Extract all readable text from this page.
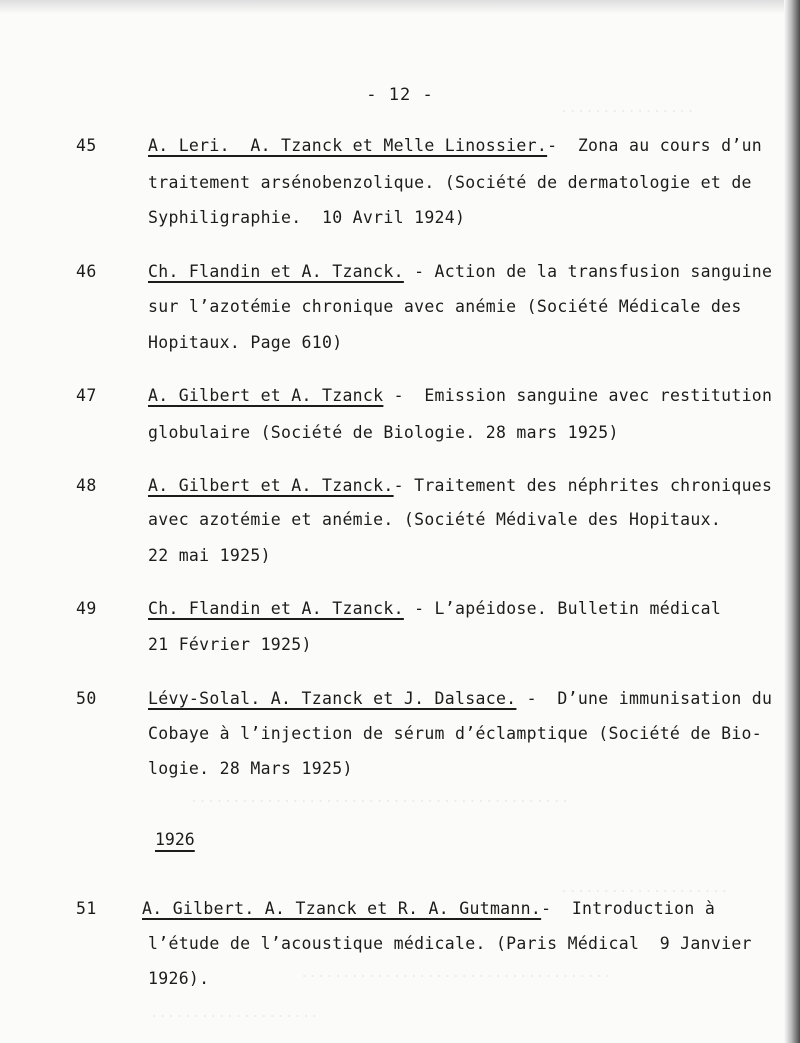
................
.............................................
....................
.....................................
....................
- 12 -
45	A. Leri.  A. Tzanck et Melle Linossier.-  Zona au cours d’un
traitement arsénobenzolique. (Société de dermatologie et de
Syphiligraphie.  10 Avril 1924)
46	Ch. Flandin et A. Tzanck. - Action de la transfusion sanguine
sur l’azotémie chronique avec anémie (Société Médicale des
Hopitaux. Page 610)
47	A. Gilbert et A. Tzanck -  Emission sanguine avec restitution
globulaire (Société de Biologie. 28 mars 1925)
48	A. Gilbert et A. Tzanck.- Traitement des néphrites chroniques
avec azotémie et anémie. (Société Médivale des Hopitaux.
22 mai 1925)
49	Ch. Flandin et A. Tzanck. - L’apéidose. Bulletin médical
21 Février 1925)
50	Lévy-Solal. A. Tzanck et J. Dalsace. -  D’une immunisation du
Cobaye à l’injection de sérum d’éclamptique (Société de Bio-
logie. 28 Mars 1925)
1926
51	A. Gilbert. A. Tzanck et R. A. Gutmann.-  Introduction à
l’étude de l’acoustique médicale. (Paris Médical  9 Janvier
1926).
